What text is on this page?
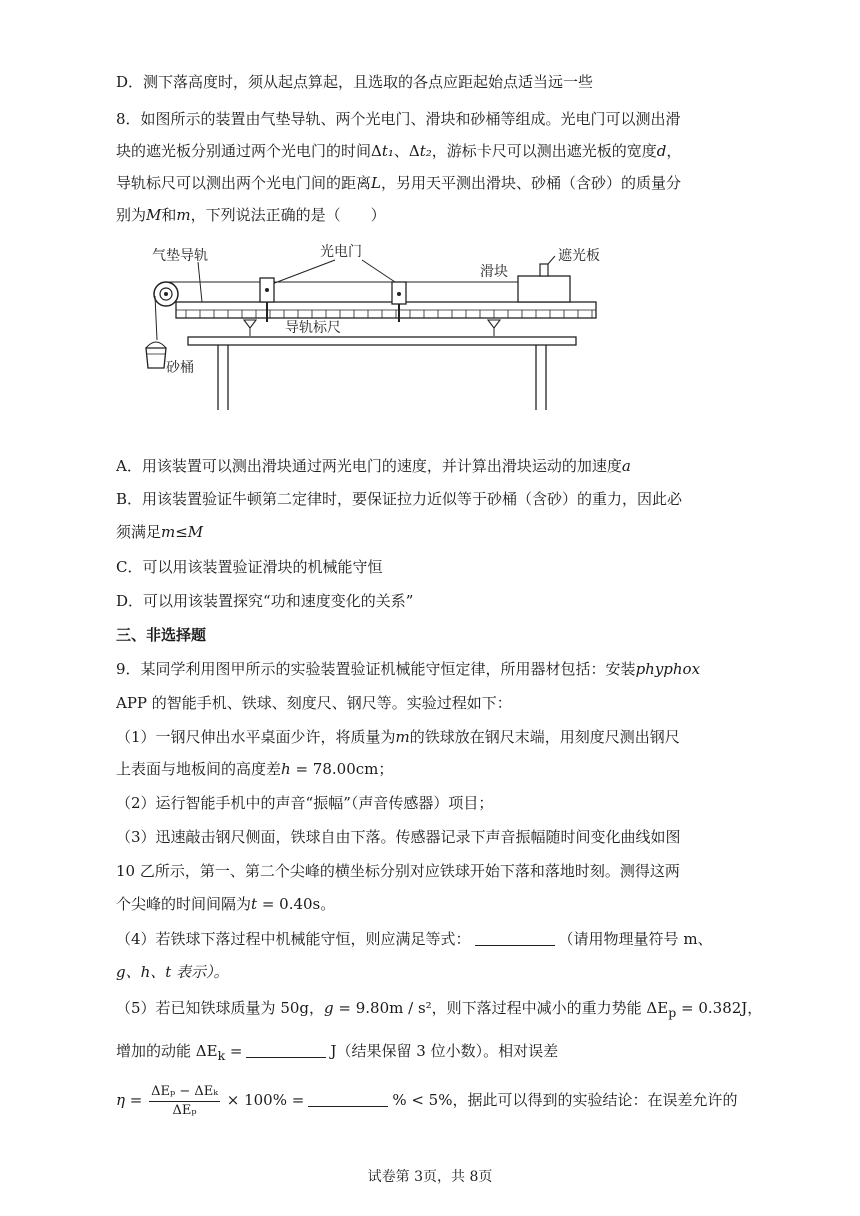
D．测下落高度时，须从起点算起，且选取的各点应距起始点适当远一些
8．如图所示的装置由气垫导轨、两个光电门、滑块和砂桶等组成。光电门可以测出滑
块的遮光板分别通过两个光电门的时间Δt₁、Δt₂，游标卡尺可以测出遮光板的宽度d，
导轨标尺可以测出两个光电门间的距离L，另用天平测出滑块、砂桶（含砂）的质量分
别为M和m，下列说法正确的是（　　）
气垫导轨	光电门
滑块
遮光板
导轨标尺
砂桶
A．用该装置可以测出滑块通过两光电门的速度，并计算出滑块运动的加速度a
B．用该装置验证牛顿第二定律时，要保证拉力近似等于砂桶（含砂）的重力，因此必
须满足m≤M
C．可以用该装置验证滑块的机械能守恒
D．可以用该装置探究“功和速度变化的关系”
三、非选择题
9．某同学利用图甲所示的实验装置验证机械能守恒定律，所用器材包括：安装phyphox
APP 的智能手机、铁球、刻度尺、钢尺等。实验过程如下：
（1）一钢尺伸出水平桌面少许，将质量为m的铁球放在钢尺末端，用刻度尺测出钢尺
上表面与地板间的高度差h = 78.00cm；
（2）运行智能手机中的声音“振幅”（声音传感器）项目；
（3）迅速敲击钢尺侧面，铁球自由下落。传感器记录下声音振幅随时间变化曲线如图
10 乙所示，第一、第二个尖峰的横坐标分别对应铁球开始下落和落地时刻。测得这两
个尖峰的时间间隔为t = 0.40s。
（4）若铁球下落过程中机械能守恒，则应满足等式：	（请用物理量符号 m、
g、h、t 表示）。
（5）若已知铁球质量为 50g，g = 9.80m / s²，则下落过程中减小的重力势能 $\Delta E_p = 0.382J$，
增加的动能 $\Delta E_k$ =	J（结果保留 3 位小数）。相对误差
$\eta = \frac{\text{ΔEₚ − ΔEₖ}}{\text{ΔEₚ}} \times 100\%$ =	% < 5%，据此可以得到的实验结论：在误差允许的
试卷第 3页，共 8页
